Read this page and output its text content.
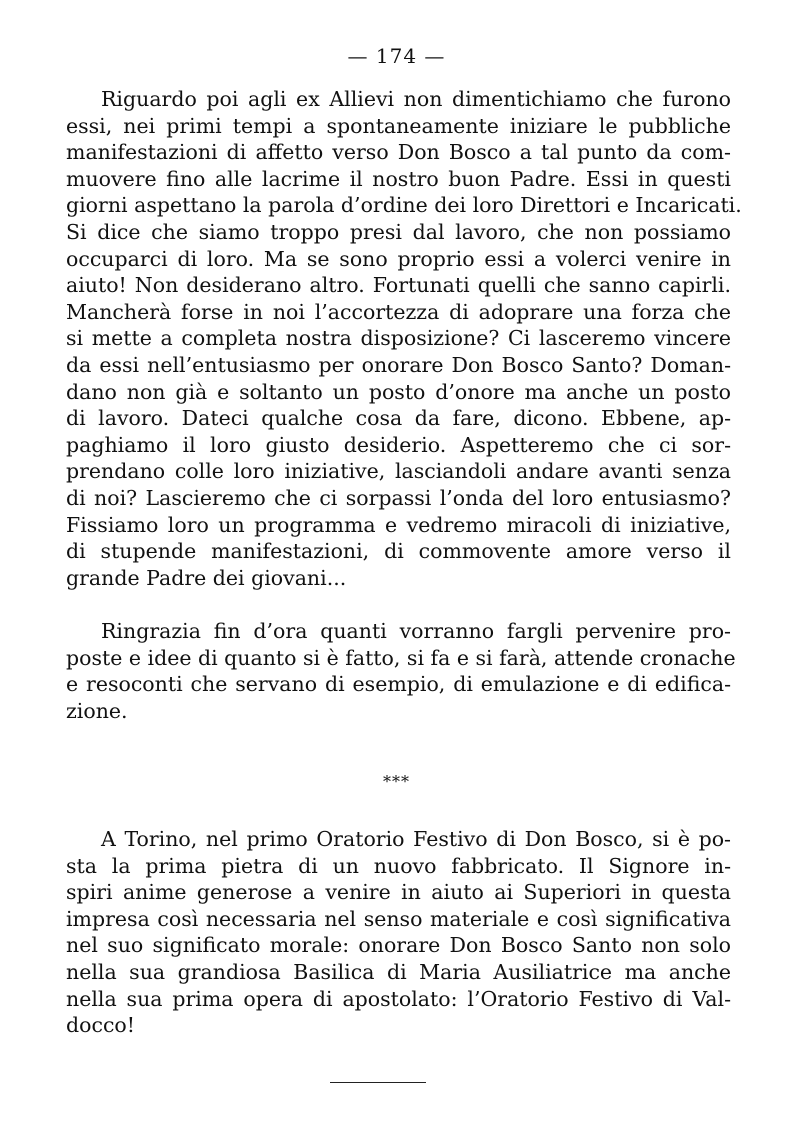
— 174 —
Riguardo poi agli ex Allievi non dimentichiamo che furono
essi, nei primi tempi a spontaneamente iniziare le pubbliche
manifestazioni di affetto verso Don Bosco a tal punto da com-
muovere fino alle lacrime il nostro buon Padre. Essi in questi
giorni aspettano la parola d’ordine dei loro Direttori e Incaricati.
Si dice che siamo troppo presi dal lavoro, che non possiamo
occuparci di loro. Ma se sono proprio essi a volerci venire in
aiuto! Non desiderano altro. Fortunati quelli che sanno capirli.
Mancherà forse in noi l’accortezza di adoprare una forza che
si mette a completa nostra disposizione? Ci lasceremo vincere
da essi nell’entusiasmo per onorare Don Bosco Santo? Doman-
dano non già e soltanto un posto d’onore ma anche un posto
di lavoro. Dateci qualche cosa da fare, dicono. Ebbene, ap-
paghiamo il loro giusto desiderio. Aspetteremo che ci sor-
prendano colle loro iniziative, lasciandoli andare avanti senza
di noi? Lascieremo che ci sorpassi l’onda del loro entusiasmo?
Fissiamo loro un programma e vedremo miracoli di iniziative,
di stupende manifestazioni, di commovente amore verso il
grande Padre dei giovani...
Ringrazia fin d’ora quanti vorranno fargli pervenire pro-
poste e idee di quanto si è fatto, si fa e si farà, attende cronache
e resoconti che servano di esempio, di emulazione e di edifica-
zione.
***
A Torino, nel primo Oratorio Festivo di Don Bosco, si è po-
sta la prima pietra di un nuovo fabbricato. Il Signore in-
spiri anime generose a venire in aiuto ai Superiori in questa
impresa così necessaria nel senso materiale e così significativa
nel suo significato morale: onorare Don Bosco Santo non solo
nella sua grandiosa Basilica di Maria Ausiliatrice ma anche
nella sua prima opera di apostolato: l’Oratorio Festivo di Val-
docco!
